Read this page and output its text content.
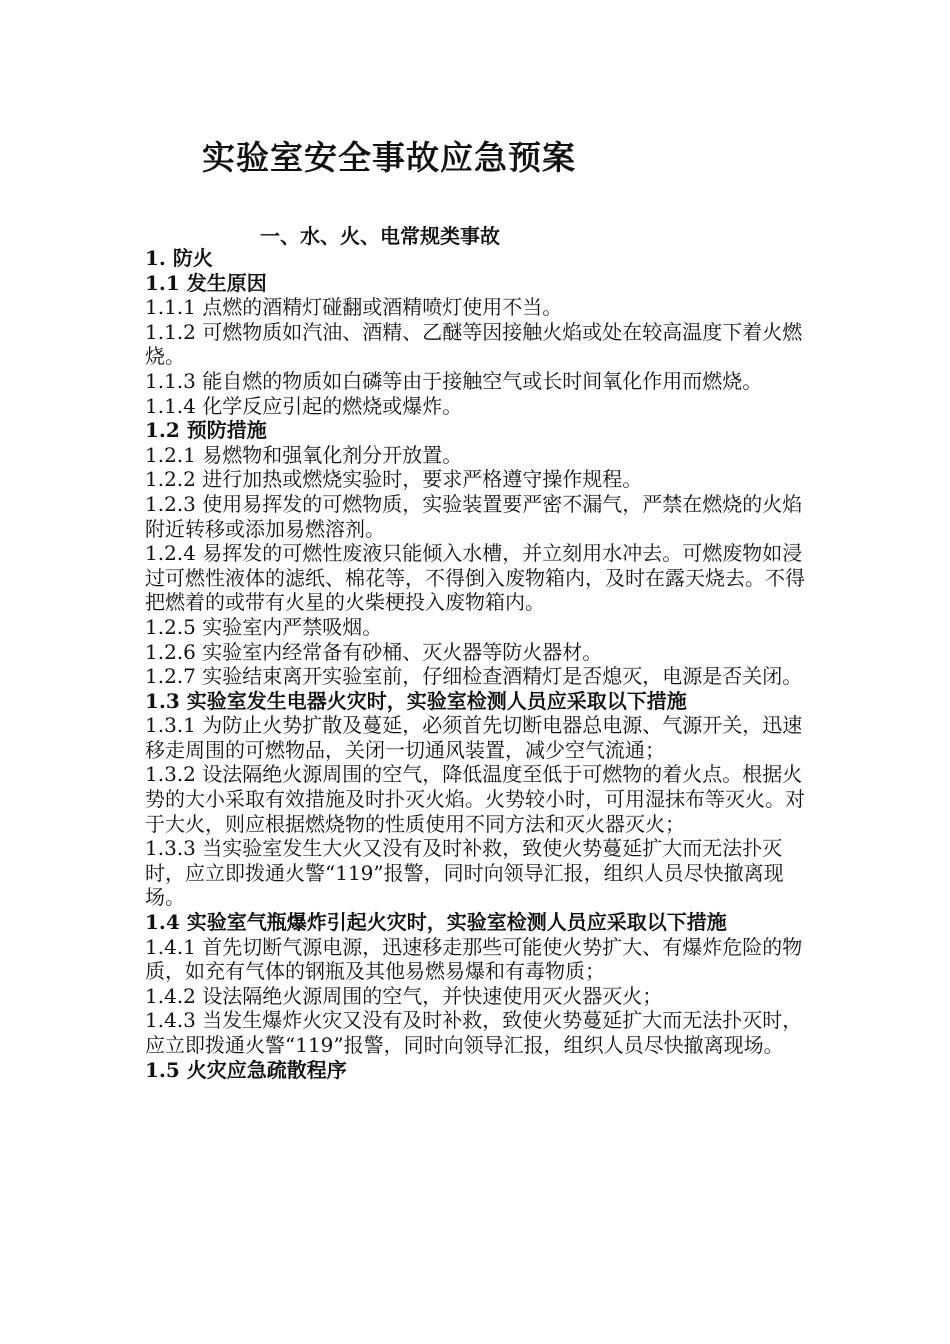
实验室安全事故应急预案
一、水、火、电常规类事故

1. 防火

1.1 发生原因

1.1.1 点燃的酒精灯碰翻或酒精喷灯使用不当。

1.1.2 可燃物质如汽油、酒精、乙醚等因接触火焰或处在较高温度下着火燃烧。

1.1.3 能自燃的物质如白磷等由于接触空气或长时间氧化作用而燃烧。

1.1.4 化学反应引起的燃烧或爆炸。

1.2 预防措施

1.2.1 易燃物和强氧化剂分开放置。

1.2.2 进行加热或燃烧实验时，要求严格遵守操作规程。

1.2.3 使用易挥发的可燃物质，实验装置要严密不漏气，严禁在燃烧的火焰附近转移或添加易燃溶剂。

1.2.4 易挥发的可燃性废液只能倾入水槽，并立刻用水冲去。可燃废物如浸过可燃性液体的滤纸、棉花等，不得倒入废物箱内，及时在露天烧去。不得把燃着的或带有火星的火柴梗投入废物箱内。

1.2.5 实验室内严禁吸烟。

1.2.6 实验室内经常备有砂桶、灭火器等防火器材。

1.2.7 实验结束离开实验室前，仔细检查酒精灯是否熄灭，电源是否关闭。

1.3 实验室发生电器火灾时，实验室检测人员应采取以下措施

1.3.1 为防止火势扩散及蔓延，必须首先切断电器总电源、气源开关，迅速移走周围的可燃物品，关闭一切通风装置，减少空气流通；

1.3.2 设法隔绝火源周围的空气，降低温度至低于可燃物的着火点。根据火势的大小采取有效措施及时扑灭火焰。火势较小时，可用湿抹布等灭火。对于大火，则应根据燃烧物的性质使用不同方法和灭火器灭火；

1.3.3 当实验室发生大火又没有及时补救，致使火势蔓延扩大而无法扑灭时，应立即拨通火警“119”报警，同时向领导汇报，组织人员尽快撤离现场。

1.4 实验室气瓶爆炸引起火灾时，实验室检测人员应采取以下措施

1.4.1 首先切断气源电源，迅速移走那些可能使火势扩大、有爆炸危险的物质，如充有气体的钢瓶及其他易燃易爆和有毒物质；

1.4.2 设法隔绝火源周围的空气，并快速使用灭火器灭火；

1.4.3 当发生爆炸火灾又没有及时补救，致使火势蔓延扩大而无法扑灭时，应立即拨通火警“119”报警，同时向领导汇报，组织人员尽快撤离现场。

1.5 火灾应急疏散程序
